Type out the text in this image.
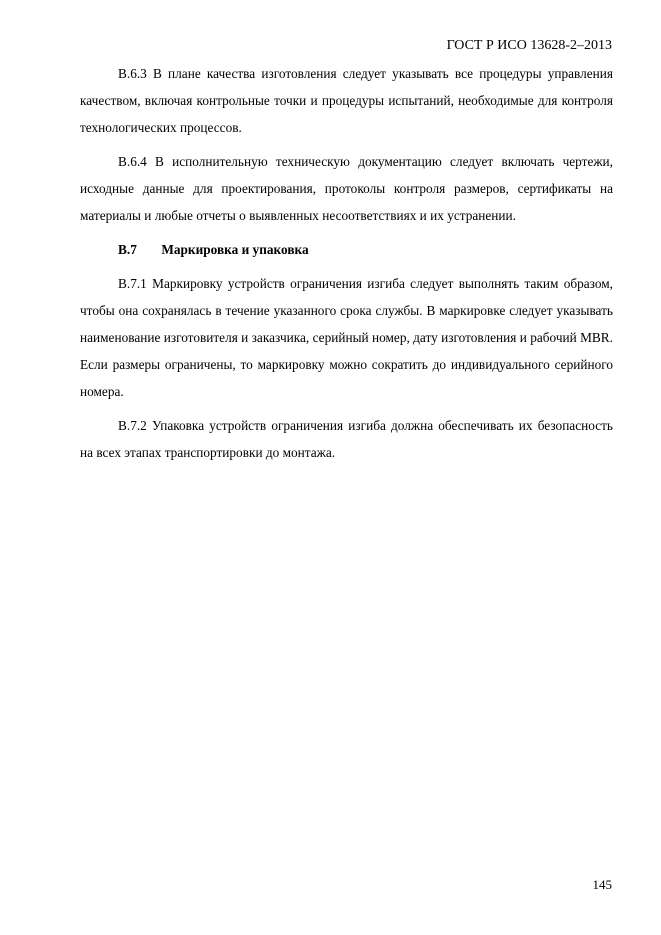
ГОСТ Р ИСО 13628-2–2013

В.6.3 В плане качества изготовления следует указывать все процедуры управления качеством, включая контрольные точки и процедуры испытаний, необходимые для контроля технологических процессов.

В.6.4 В исполнительную техническую документацию следует включать чертежи, исходные данные для проектирования, протоколы контроля размеров, сертификаты на материалы и любые отчеты о выявленных несоответствиях и их устранении.

В.7 Маркировка и упаковка

В.7.1 Маркировку устройств ограничения изгиба следует выполнять таким образом, чтобы она сохранялась в течение указанного срока службы. В маркировке следует указывать наименование изготовителя и заказчика, серийный номер, дату изготовления и рабочий MBR. Если размеры ограничены, то маркировку можно сократить до индивидуального серийного номера.

В.7.2 Упаковка устройств ограничения изгиба должна обеспечивать их безопасность на всех этапах транспортировки до монтажа.

145
